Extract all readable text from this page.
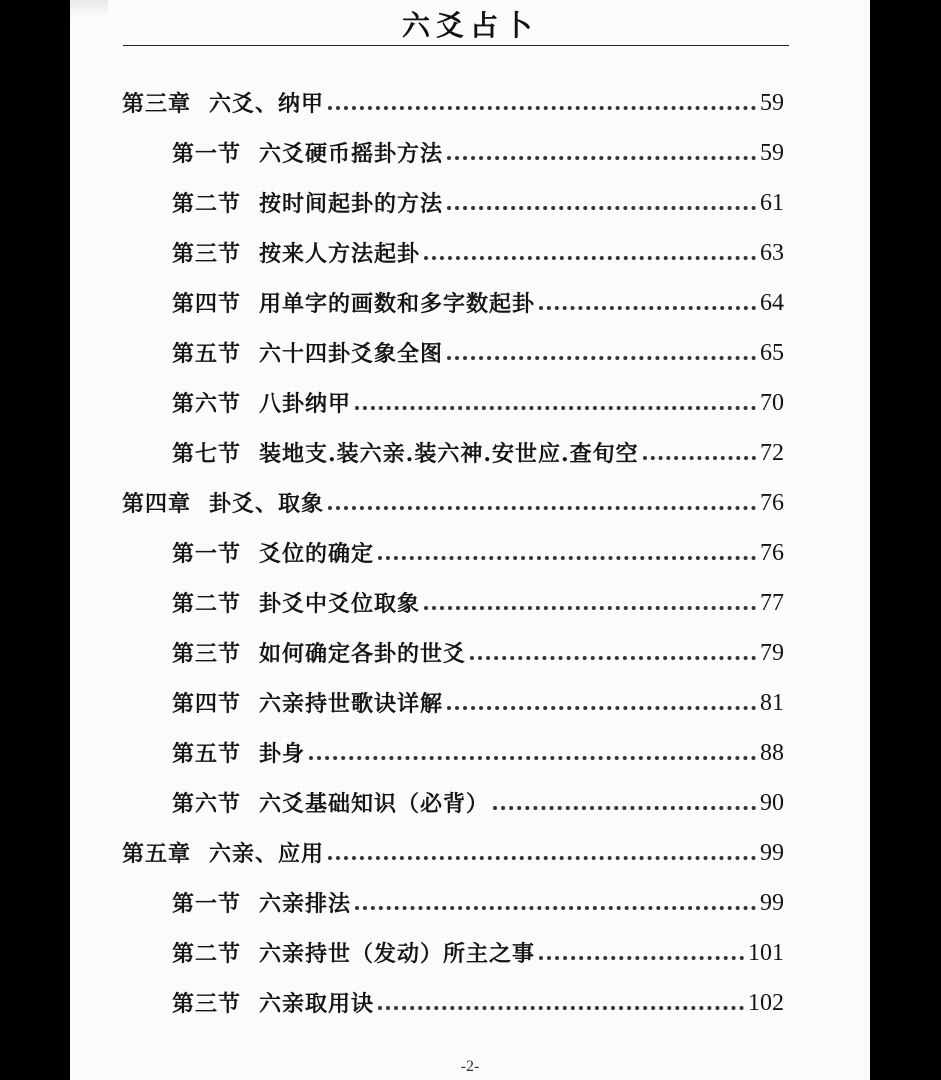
六爻占卜
第三章 六爻、纳甲	59
第一节 六爻硬币摇卦方法	59
第二节 按时间起卦的方法	61
第三节 按来人方法起卦	63
第四节 用单字的画数和多字数起卦	64
第五节 六十四卦爻象全图	65
第六节 八卦纳甲	70
第七节 装地支.装六亲.装六神.安世应.查旬空	72
第四章 卦爻、取象	76
第一节 爻位的确定	76
第二节 卦爻中爻位取象	77
第三节 如何确定各卦的世爻	79
第四节 六亲持世歌诀详解	81
第五节 卦身	88
第六节 六爻基础知识（必背）	90
第五章 六亲、应用	99
第一节 六亲排法	99
第二节 六亲持世（发动）所主之事	101
第三节 六亲取用诀	102
-2-
